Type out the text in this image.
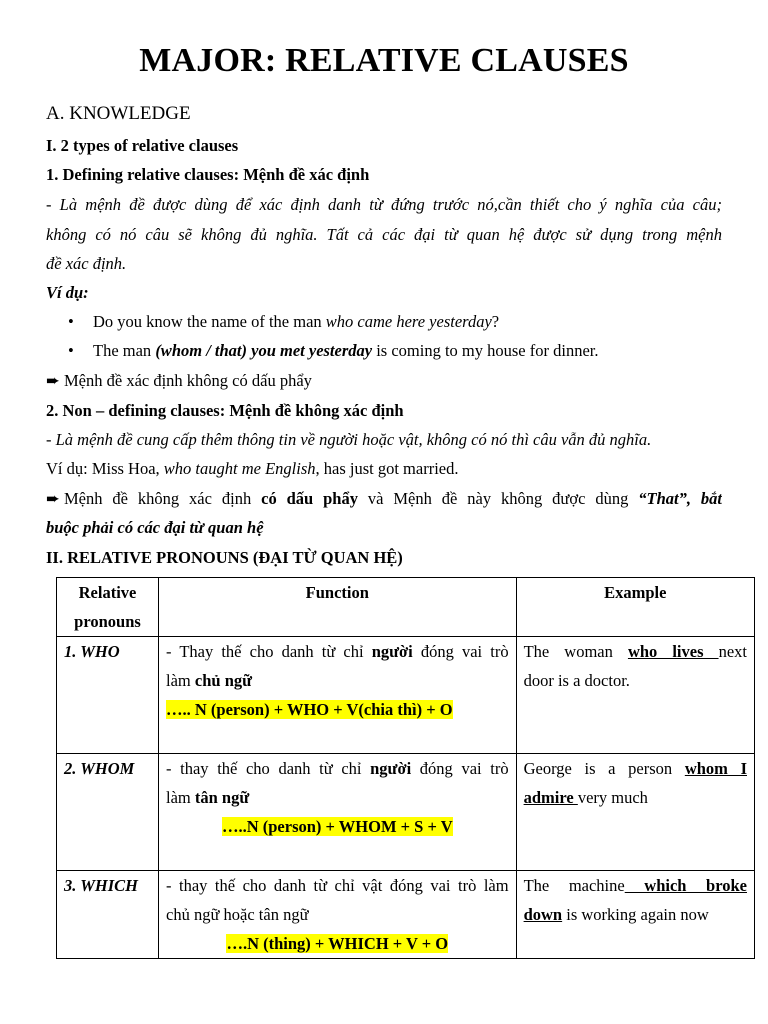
MAJOR: RELATIVE CLAUSES
A. KNOWLEDGE
I. 2 types of relative clauses
1. Defining relative clauses: Mệnh đề xác định
- Là mệnh đề được dùng để xác định danh từ đứng trước nó,cần thiết cho ý nghĩa của câu;
không có nó câu sẽ không đủ nghĩa. Tất cả các đại từ quan hệ được sử dụng trong mệnh
đề xác định.
Ví dụ:
• Do you know the name of the man who came here yesterday?
• The man (whom / that) you met yesterday is coming to my house for dinner.
➨ Mệnh đề xác định không có dấu phẩy
2. Non – defining clauses: Mệnh đề không xác định
- Là mệnh đề cung cấp thêm thông tin về người hoặc vật, không có nó thì câu vẫn đủ nghĩa.
Ví dụ: Miss Hoa, who taught me English, has just got married.
➨ Mệnh đề không xác định có dấu phẩy và Mệnh đề này không được dùng “That”, bắt
buộc phải có các đại từ quan hệ
II. RELATIVE PRONOUNS (ĐẠI TỪ QUAN HỆ)
Relative
pronouns	Function	Example
1. WHO	- Thay thế cho danh từ chỉ người đóng vai trò
làm chủ ngữ
….. N (person) + WHO + V(chia thì) + O	The woman who lives next
door is a doctor.

2. WHOM	- thay thế cho danh từ chỉ người đóng vai trò
làm tân ngữ
…..N (person) + WHOM + S + V	George is a person whom I
admire very much

3. WHICH	- thay thế cho danh từ chỉ vật đóng vai trò làm
chủ ngữ hoặc tân ngữ
….N (thing) + WHICH + V + O	The machine which broke
down is working again now
